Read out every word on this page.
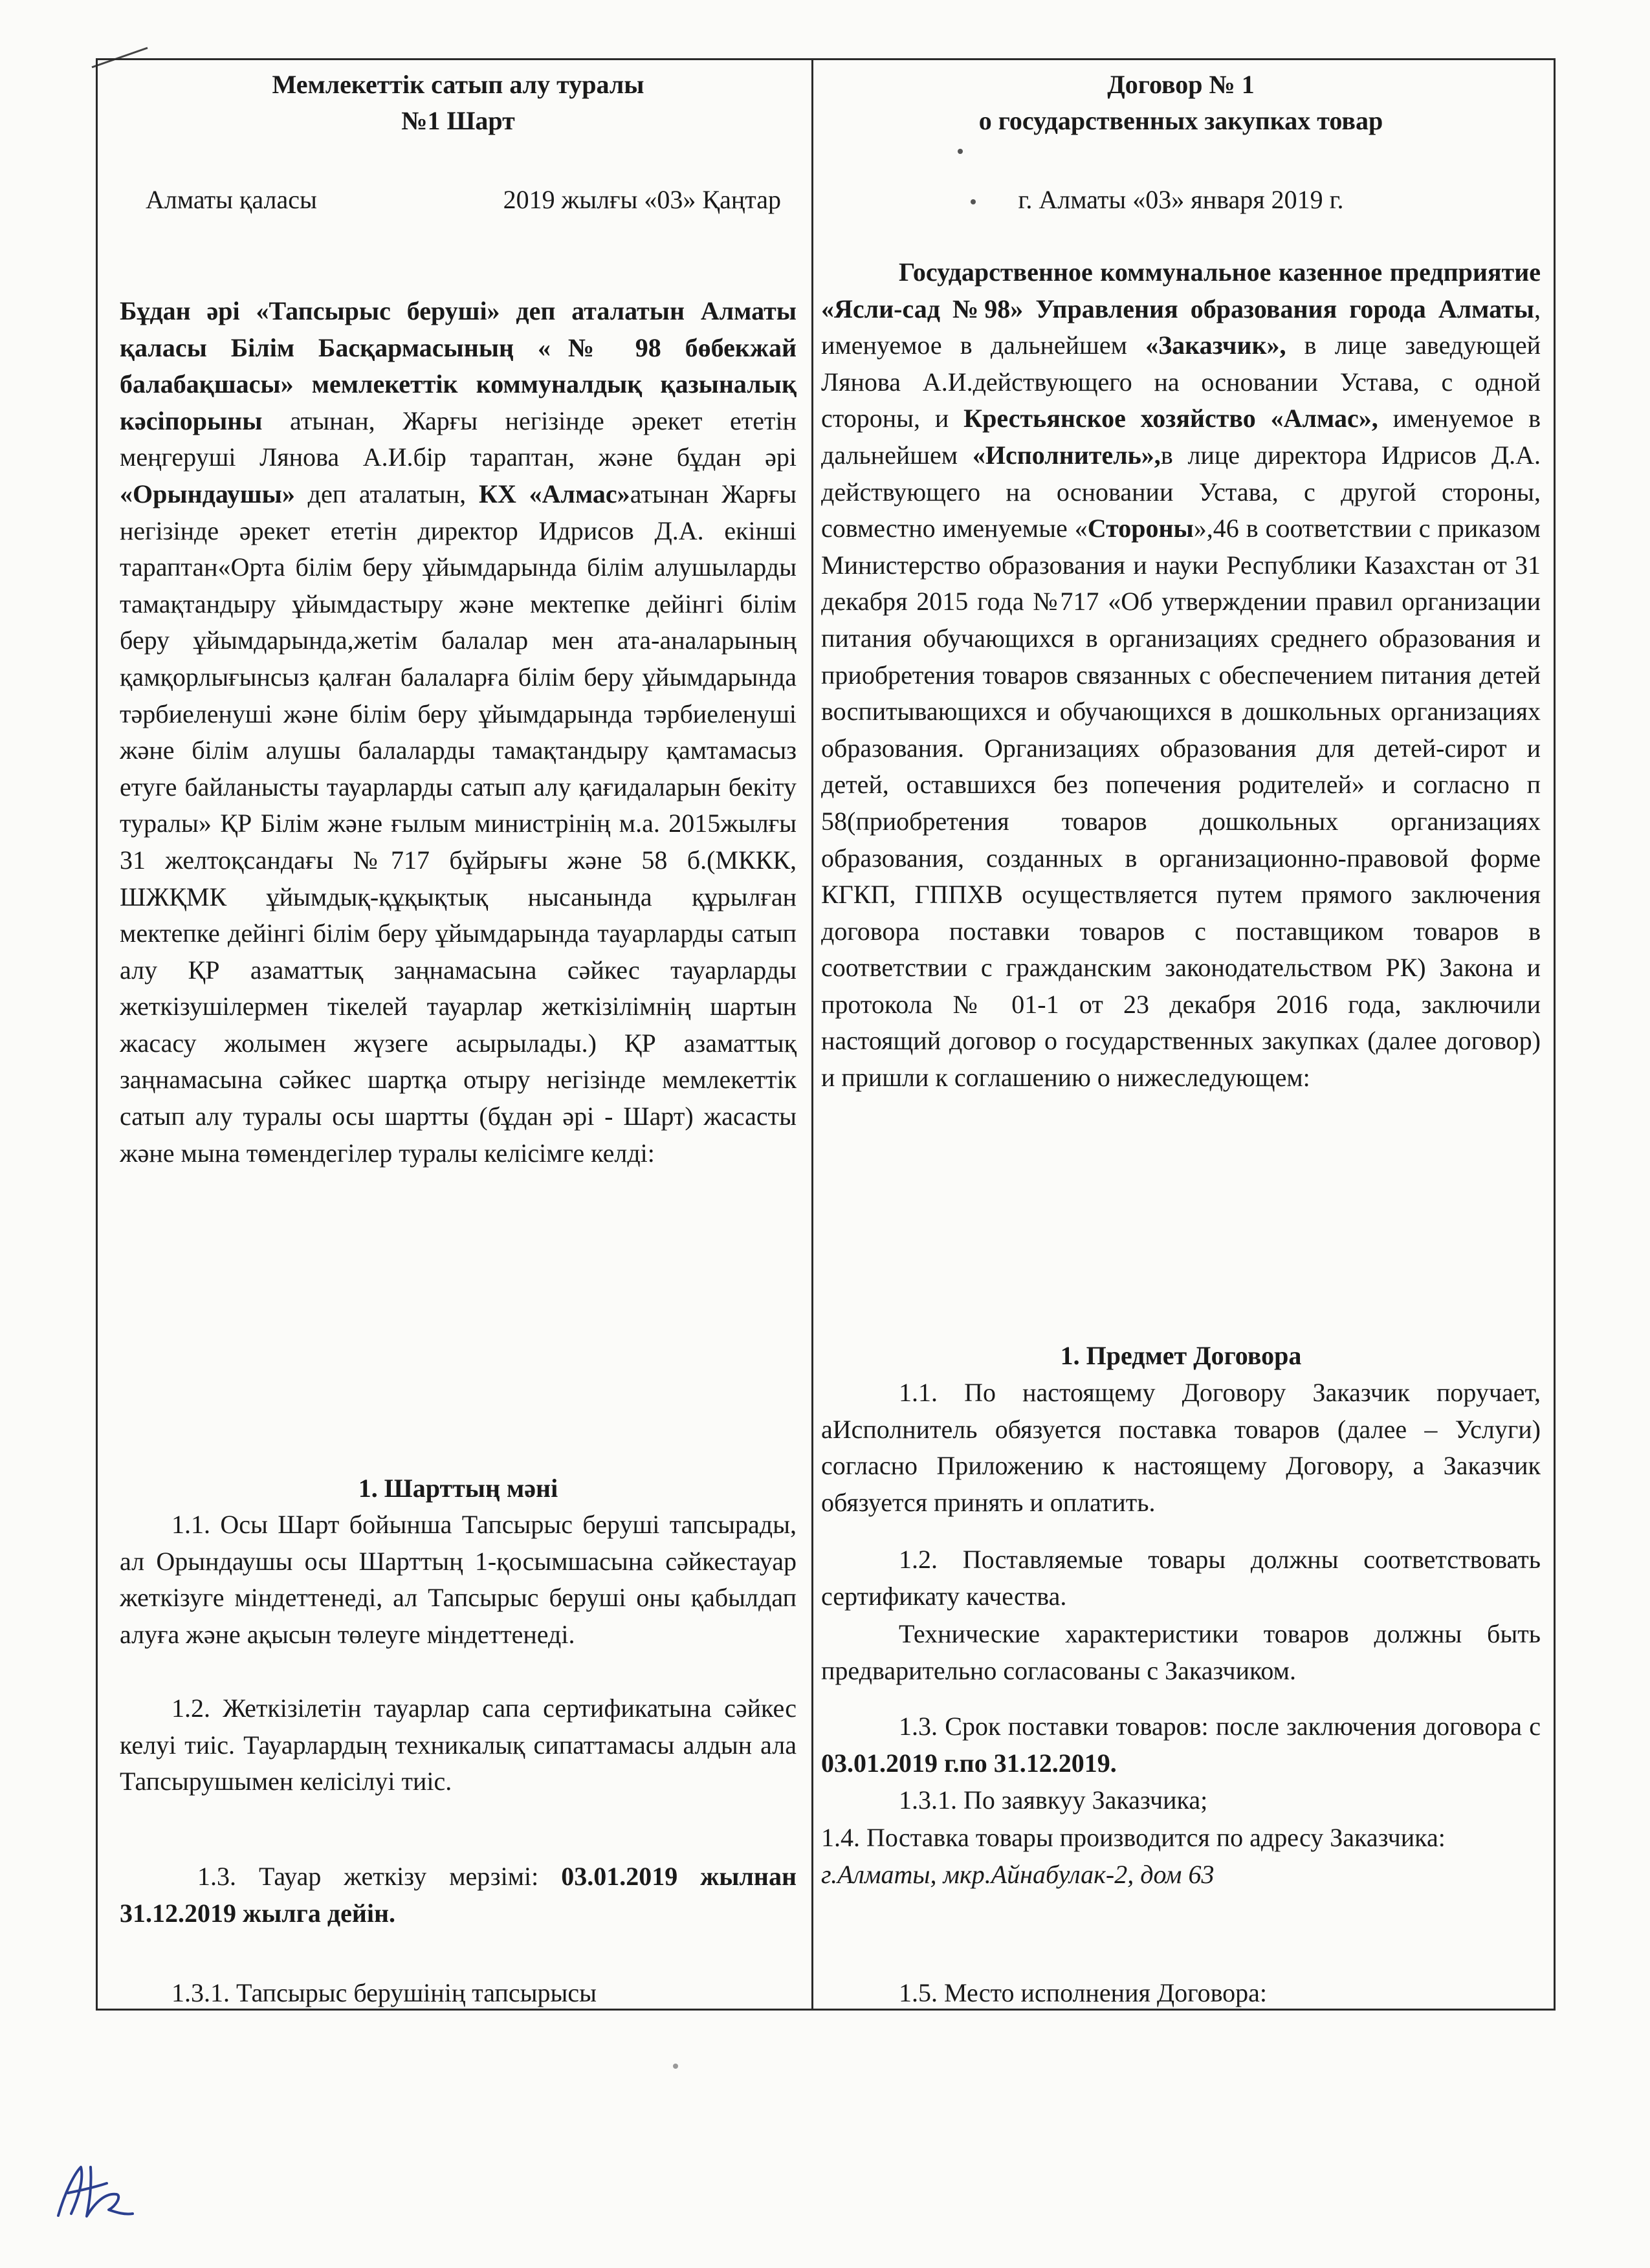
Мемлекеттік сатып алу туралы
№1 Шарт
Алматы қаласы	2019 жылғы «03» Қаңтар

Бұдан әрі «Тапсырыс беруші» деп аталатын Алматы қаласы Білім Басқармасының «№ 98 бөбекжай балабақшасы» мемлекеттік коммуналдық қазыналық кәсіпорыны атынан, Жарғы негізінде әрекет ететін меңгеруші Лянова А.И.бір тараптан, және бұдан әрі «Орындаушы» деп аталатын, КХ «Алмас»атынан Жарғы негізінде әрекет ететін директор Идрисов Д.А. екінші тараптан«Орта білім беру ұйымдарында білім алушыларды тамақтандыру ұйымдастыру және мектепке дейінгі білім беру ұйымдарында,жетім балалар мен ата-аналарының қамқорлығынсыз қалған балаларға білім беру ұйымдарында тәрбиеленуші және білім беру ұйымдарында тәрбиеленуші және білім алушы балаларды тамақтандыру қамтамасыз етуге байланысты тауарларды сатып алу қағидаларын бекіту туралы» ҚР Білім және ғылым министрінің м.а. 2015жылғы 31 желтоқсандағы №717 бұйрығы және 58 б.(МККК, ШЖҚМК ұйымдық-құқықтық нысанында құрылған мектепке дейінгі білім беру ұйымдарында тауарларды сатып алу ҚР азаматтық заңнамасына сәйкес тауарларды жеткізушілермен тікелей тауарлар жеткізілімнің шартын жасасу жолымен жүзеге асырылады.) ҚР азаматтық заңнамасына сәйкес шартқа отыру негізінде мемлекеттік сатып алу туралы осы шартты (бұдан әрі - Шарт) жасасты және мына төмендегілер туралы келісімге келді:

1. Шарттың мәні

1.1. Осы Шарт бойынша Тапсырыс беруші тапсырады, ал Орындаушы осы Шарттың 1-қосымшасына сәйкестауар жеткізуге міндеттенеді, ал Тапсырыс беруші оны қабылдап алуға және ақысын төлеуге міндеттенеді.

1.2. Жеткізілетін тауарлар сапа сертификатына сәйкес келуі тиіс. Тауарлардың техникалық сипаттамасы алдын ала Тапсырушымен келісілуі тиіс.

1.3. Тауар жеткізу мерзімі: 03.01.2019 жылнан 31.12.2019 жылга дейін.

1.3.1. Тапсырыс берушінің тапсырысы

Договор № 1
о государственных закупках товар
г. Алматы «03» января 2019 г.

Государственное коммунальное казенное предприятие «Ясли-сад №98» Управления образования города Алматы, именуемое в дальнейшем «Заказчик», в лице заведующей Лянова А.И.действующего на основании Устава, с одной стороны, и Крестьянское хозяйство «Алмас», именуемое в дальнейшем «Исполнитель»,в лице директора Идрисов Д.А. действующего на основании Устава, с другой стороны, совместно именуемые «Стороны»,46 в соответствии с приказом Министерство образования и науки Республики Казахстан от 31 декабря 2015 года №717 «Об утверждении правил организации питания обучающихся в организациях среднего образования и приобретения товаров связанных с обеспечением питания детей воспитывающихся и обучающихся в дошкольных организациях образования. Организациях образования для детей-сирот и детей, оставшихся без попечения родителей» и согласно п 58(приобретения товаров дошкольных организациях образования, созданных в организационно-правовой форме КГКП, ГППХВ осуществляется путем прямого заключения договора поставки товаров с поставщиком товаров в соответствии с гражданским законодательством РК) Закона и протокола № 01-1 от 23 декабря 2016 года, заключили настоящий договор о государственных закупках (далее договор) и пришли к соглашению о нижеследующем:

1. Предмет Договора

1.1. По настоящему Договору Заказчик поручает, аИсполнитель обязуется поставка товаров (далее – Услуги) согласно Приложению к настоящему Договору, а Заказчик обязуется принять и оплатить.

1.2. Поставляемые товары должны соответствовать сертификату качества.

Технические характеристики товаров должны быть предварительно согласованы с Заказчиком.

1.3. Срок поставки товаров: после заключения договора с 03.01.2019 г.по 31.12.2019.

1.3.1. По заявкуу Заказчика;

1.4. Поставка товары производится по адресу Заказчика: г.Алматы, мкр.Айнабулак-2, дом 63

1.5. Место исполнения Договора:
